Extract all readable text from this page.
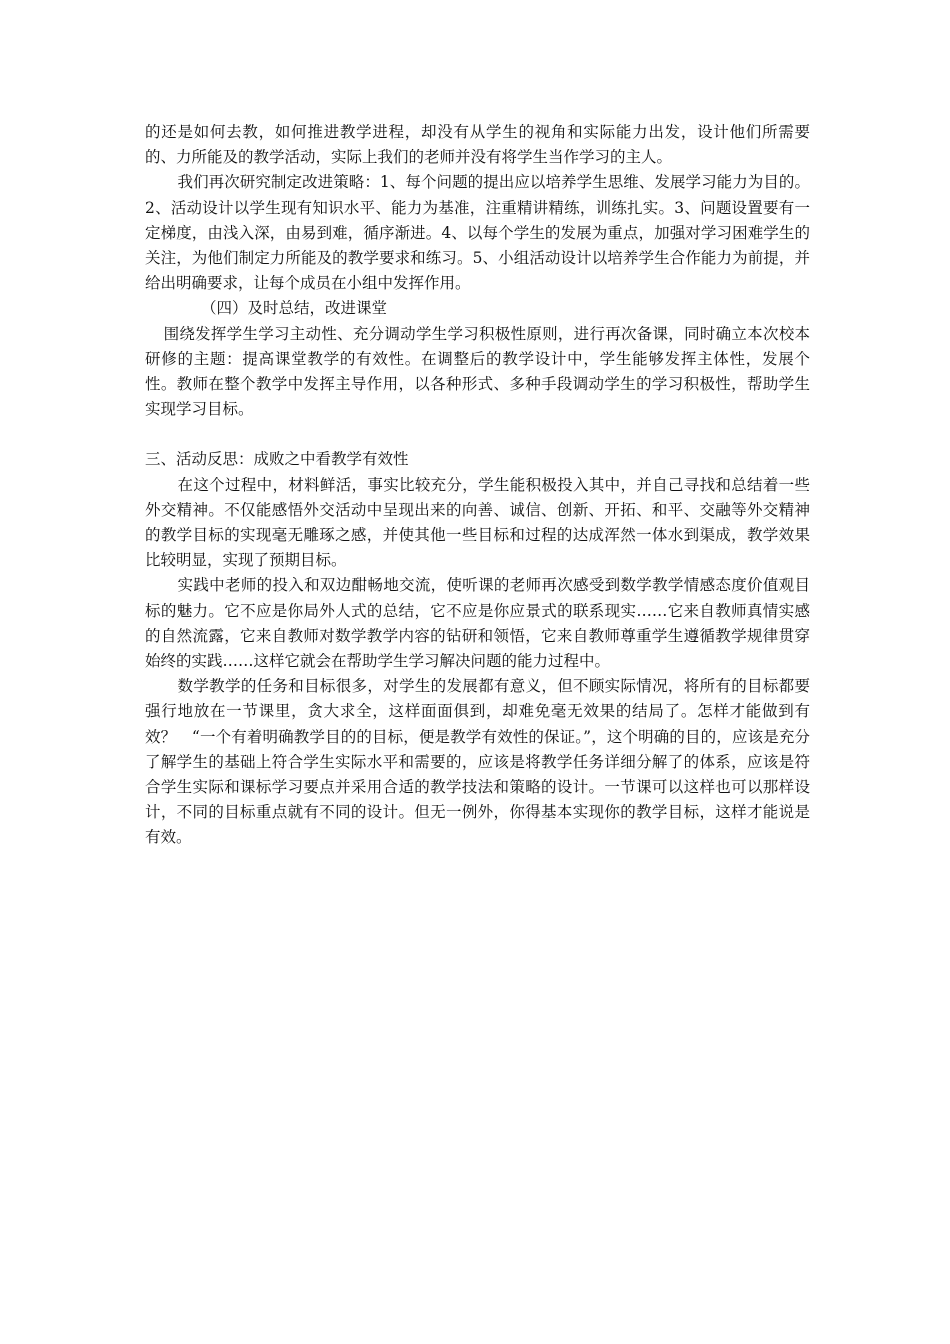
的还是如何去教，如何推进教学进程，却没有从学生的视角和实际能力出发，设计他们所需要的、力所能及的教学活动，实际上我们的老师并没有将学生当作学习的主人。

我们再次研究制定改进策略：1、每个问题的提出应以培养学生思维、发展学习能力为目的。2、活动设计以学生现有知识水平、能力为基准，注重精讲精练，训练扎实。3、问题设置要有一定梯度，由浅入深，由易到难，循序渐进。4、以每个学生的发展为重点，加强对学习困难学生的关注，为他们制定力所能及的教学要求和练习。5、小组活动设计以培养学生合作能力为前提，并给出明确要求，让每个成员在小组中发挥作用。

（四）及时总结，改进课堂

围绕发挥学生学习主动性、充分调动学生学习积极性原则，进行再次备课，同时确立本次校本研修的主题：提高课堂教学的有效性。在调整后的教学设计中，学生能够发挥主体性，发展个性。教师在整个教学中发挥主导作用，以各种形式、多种手段调动学生的学习积极性，帮助学生实现学习目标。

三、活动反思：成败之中看教学有效性

在这个过程中，材料鲜活，事实比较充分，学生能积极投入其中，并自己寻找和总结着一些外交精神。不仅能感悟外交活动中呈现出来的向善、诚信、创新、开拓、和平、交融等外交精神的教学目标的实现毫无雕琢之感，并使其他一些目标和过程的达成浑然一体水到渠成，教学效果比较明显，实现了预期目标。

实践中老师的投入和双边酣畅地交流，使听课的老师再次感受到数学教学情感态度价值观目标的魅力。它不应是你局外人式的总结，它不应是你应景式的联系现实……它来自教师真情实感的自然流露，它来自教师对数学教学内容的钻研和领悟，它来自教师尊重学生遵循教学规律贯穿始终的实践……这样它就会在帮助学生学习解决问题的能力过程中。

数学教学的任务和目标很多，对学生的发展都有意义，但不顾实际情况，将所有的目标都要强行地放在一节课里，贪大求全，这样面面俱到，却难免毫无效果的结局了。怎样才能做到有效？　“一个有着明确教学目的的目标，便是教学有效性的保证。”，这个明确的目的，应该是充分了解学生的基础上符合学生实际水平和需要的，应该是将教学任务详细分解了的体系，应该是符合学生实际和课标学习要点并采用合适的教学技法和策略的设计。一节课可以这样也可以那样设计，不同的目标重点就有不同的设计。但无一例外，你得基本实现你的教学目标，这样才能说是有效。
